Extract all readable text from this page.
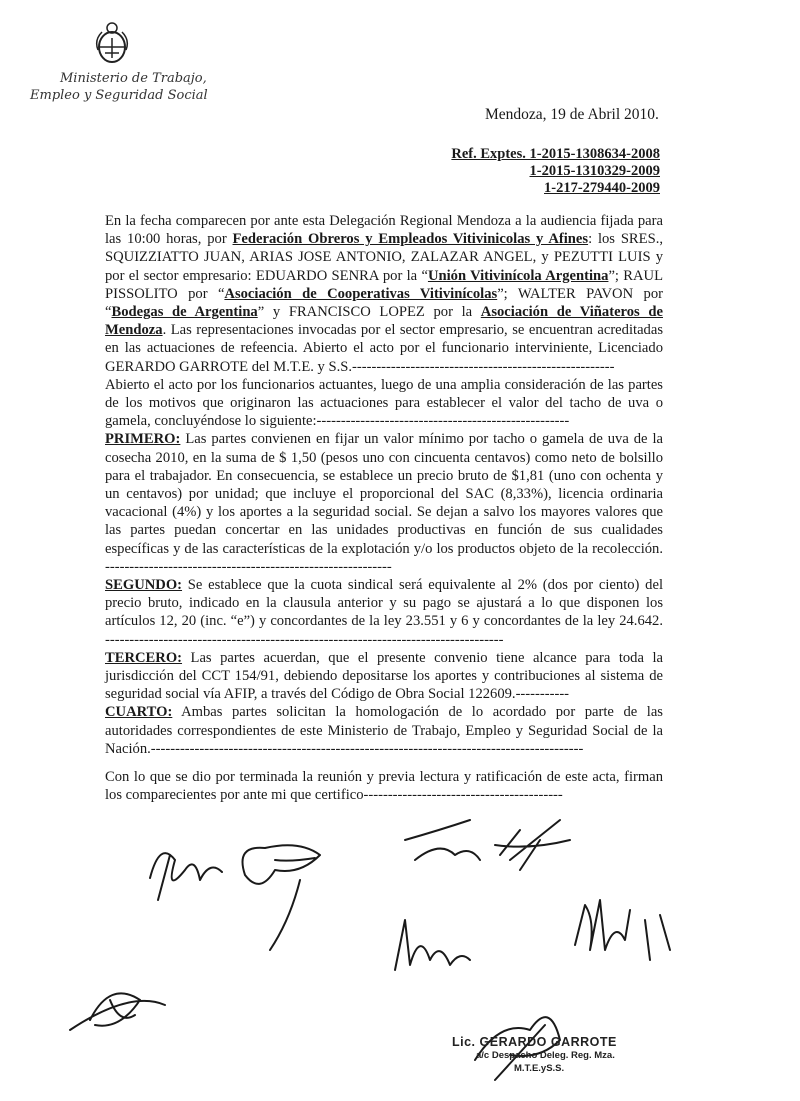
Ministerio de Trabajo,
Empleo y Seguridad Social
Mendoza, 19 de Abril 2010.
Ref. Exptes. 1-2015-1308634-2008
1-2015-1310329-2009
1-217-279440-2009

En la fecha comparecen por ante esta Delegación Regional Mendoza a la audiencia fijada para las 10:00 horas, por Federación Obreros y Empleados Vitivinicolas y Afines: los SRES., SQUIZZIATTO JUAN, ARIAS JOSE ANTONIO, ZALAZAR ANGEL, y PEZUTTI LUIS y por el sector empresario: EDUARDO SENRA por la “Unión Vitivinícola Argentina”; RAUL PISSOLITO por “Asociación de Cooperativas Vitivinícolas”; WALTER PAVON por “Bodegas de Argentina” y FRANCISCO LOPEZ por la Asociación de Viñateros de Mendoza. Las representaciones invocadas por el sector empresario, se encuentran acreditadas en las actuaciones de refeencia. Abierto el acto por el funcionario interviniente, Licenciado GERARDO GARROTE del M.T.E. y S.S.------------------------------------------------------

Abierto el acto por los funcionarios actuantes, luego de una amplia consideración de las partes de los motivos que originaron las actuaciones para establecer el valor del tacho de uva o gamela, concluyéndose lo siguiente:----------------------------------------------------

PRIMERO: Las partes convienen en fijar un valor mínimo por tacho o gamela de uva de la cosecha 2010, en la suma de $ 1,50 (pesos uno con cincuenta centavos) como neto de bolsillo para el trabajador. En consecuencia, se establece un precio bruto de $1,81 (uno con ochenta y un centavos) por unidad; que incluye el proporcional del SAC (8,33%), licencia ordinaria vacacional (4%) y los aportes a la seguridad social. Se dejan a salvo los mayores valores que las partes puedan concertar en las unidades productivas en función de sus cualidades específicas y de las características de la explotación y/o los productos objeto de la recolección. -----------------------------------------------------------

SEGUNDO: Se establece que la cuota sindical será equivalente al 2% (dos por ciento) del precio bruto, indicado en la clausula anterior y su pago se ajustará a lo que disponen los artículos 12, 20 (inc. “e”) y concordantes de la ley 23.551 y 6 y concordantes de la ley 24.642. ----------------------------------------------------------------------------------

TERCERO: Las partes acuerdan, que el presente convenio tiene alcance para toda la jurisdicción del CCT 154/91, debiendo depositarse los aportes y contribuciones al sistema de seguridad social vía AFIP, a través del Código de Obra Social 122609.-----------

CUARTO: Ambas partes solicitan la homologación de lo acordado por parte de las autoridades correspondientes de este Ministerio de Trabajo, Empleo y Seguridad Social de la Nación.-----------------------------------------------------------------------------------------

Con lo que se dio por terminada la reunión y previa lectura y ratificación de este acta, firman los comparecientes por ante mi que certifico-----------------------------------------

Lic. GERARDO GARROTE
a/c Despacho Deleg. Reg. Mza.
M.T.E.yS.S.
